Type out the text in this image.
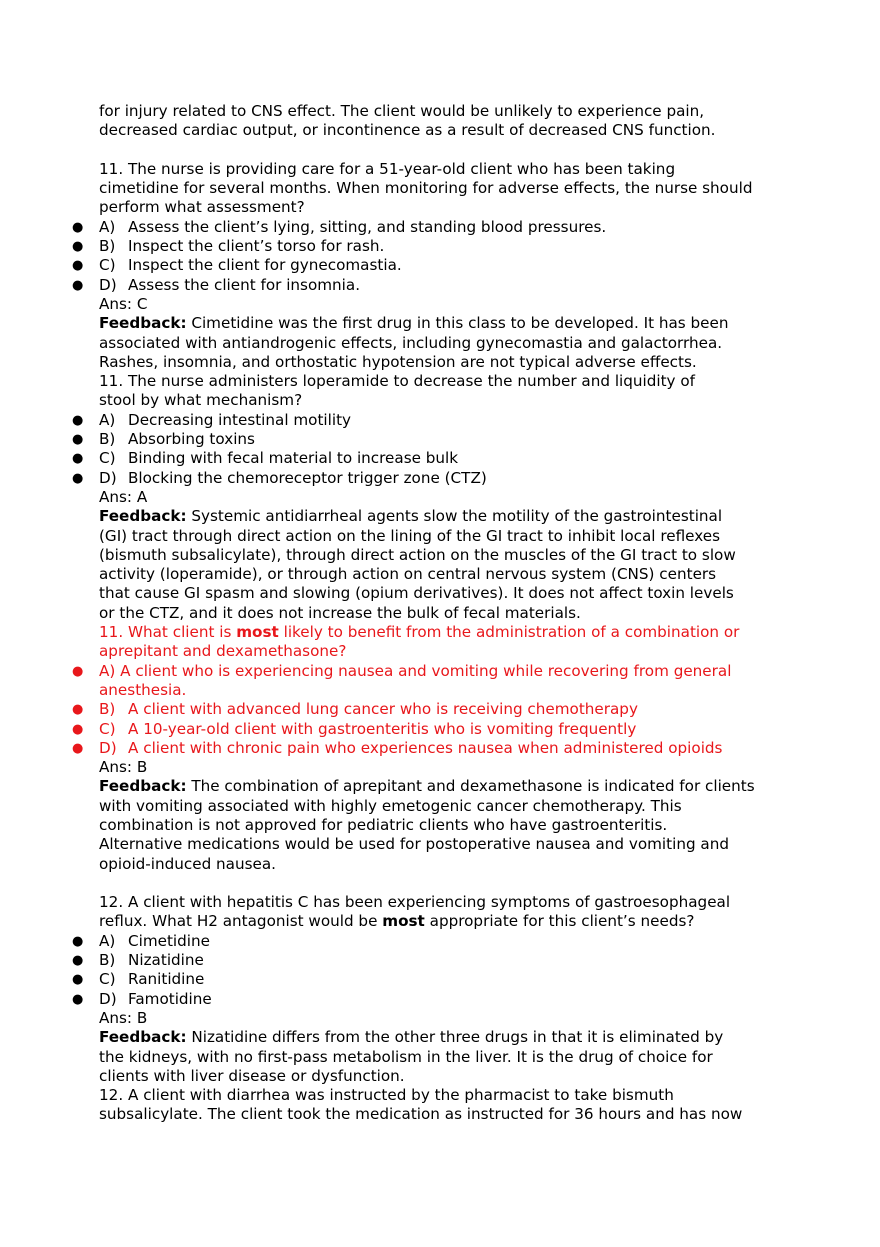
for injury related to CNS effect. The client would be unlikely to experience pain,
decreased cardiac output, or incontinence as a result of decreased CNS function.
11. The nurse is providing care for a 51-year-old client who has been taking
cimetidine for several months. When monitoring for adverse effects, the nurse should
perform what assessment?
● A) Assess the client’s lying, sitting, and standing blood pressures.
● B) Inspect the client’s torso for rash.
● C) Inspect the client for gynecomastia.
● D) Assess the client for insomnia.
Ans: C
Feedback: Cimetidine was the first drug in this class to be developed. It has been
associated with antiandrogenic effects, including gynecomastia and galactorrhea.
Rashes, insomnia, and orthostatic hypotension are not typical adverse effects.
11. The nurse administers loperamide to decrease the number and liquidity of
stool by what mechanism?
● A) Decreasing intestinal motility
● B) Absorbing toxins
● C) Binding with fecal material to increase bulk
● D) Blocking the chemoreceptor trigger zone (CTZ)
Ans: A
Feedback: Systemic antidiarrheal agents slow the motility of the gastrointestinal
(GI) tract through direct action on the lining of the GI tract to inhibit local reflexes
(bismuth subsalicylate), through direct action on the muscles of the GI tract to slow
activity (loperamide), or through action on central nervous system (CNS) centers
that cause GI spasm and slowing (opium derivatives). It does not affect toxin levels
or the CTZ, and it does not increase the bulk of fecal materials.
11. What client is most likely to benefit from the administration of a combination or
aprepitant and dexamethasone?
● A) A client who is experiencing nausea and vomiting while recovering from general
anesthesia.
● B) A client with advanced lung cancer who is receiving chemotherapy
● C) A 10-year-old client with gastroenteritis who is vomiting frequently
● D) A client with chronic pain who experiences nausea when administered opioids
Ans: B
Feedback: The combination of aprepitant and dexamethasone is indicated for clients
with vomiting associated with highly emetogenic cancer chemotherapy. This
combination is not approved for pediatric clients who have gastroenteritis.
Alternative medications would be used for postoperative nausea and vomiting and
opioid-induced nausea.
12. A client with hepatitis C has been experiencing symptoms of gastroesophageal
reflux. What H2 antagonist would be most appropriate for this client’s needs?
● A) Cimetidine
● B) Nizatidine
● C) Ranitidine
● D) Famotidine
Ans: B
Feedback: Nizatidine differs from the other three drugs in that it is eliminated by
the kidneys, with no first-pass metabolism in the liver. It is the drug of choice for
clients with liver disease or dysfunction.
12. A client with diarrhea was instructed by the pharmacist to take bismuth
subsalicylate. The client took the medication as instructed for 36 hours and has now
